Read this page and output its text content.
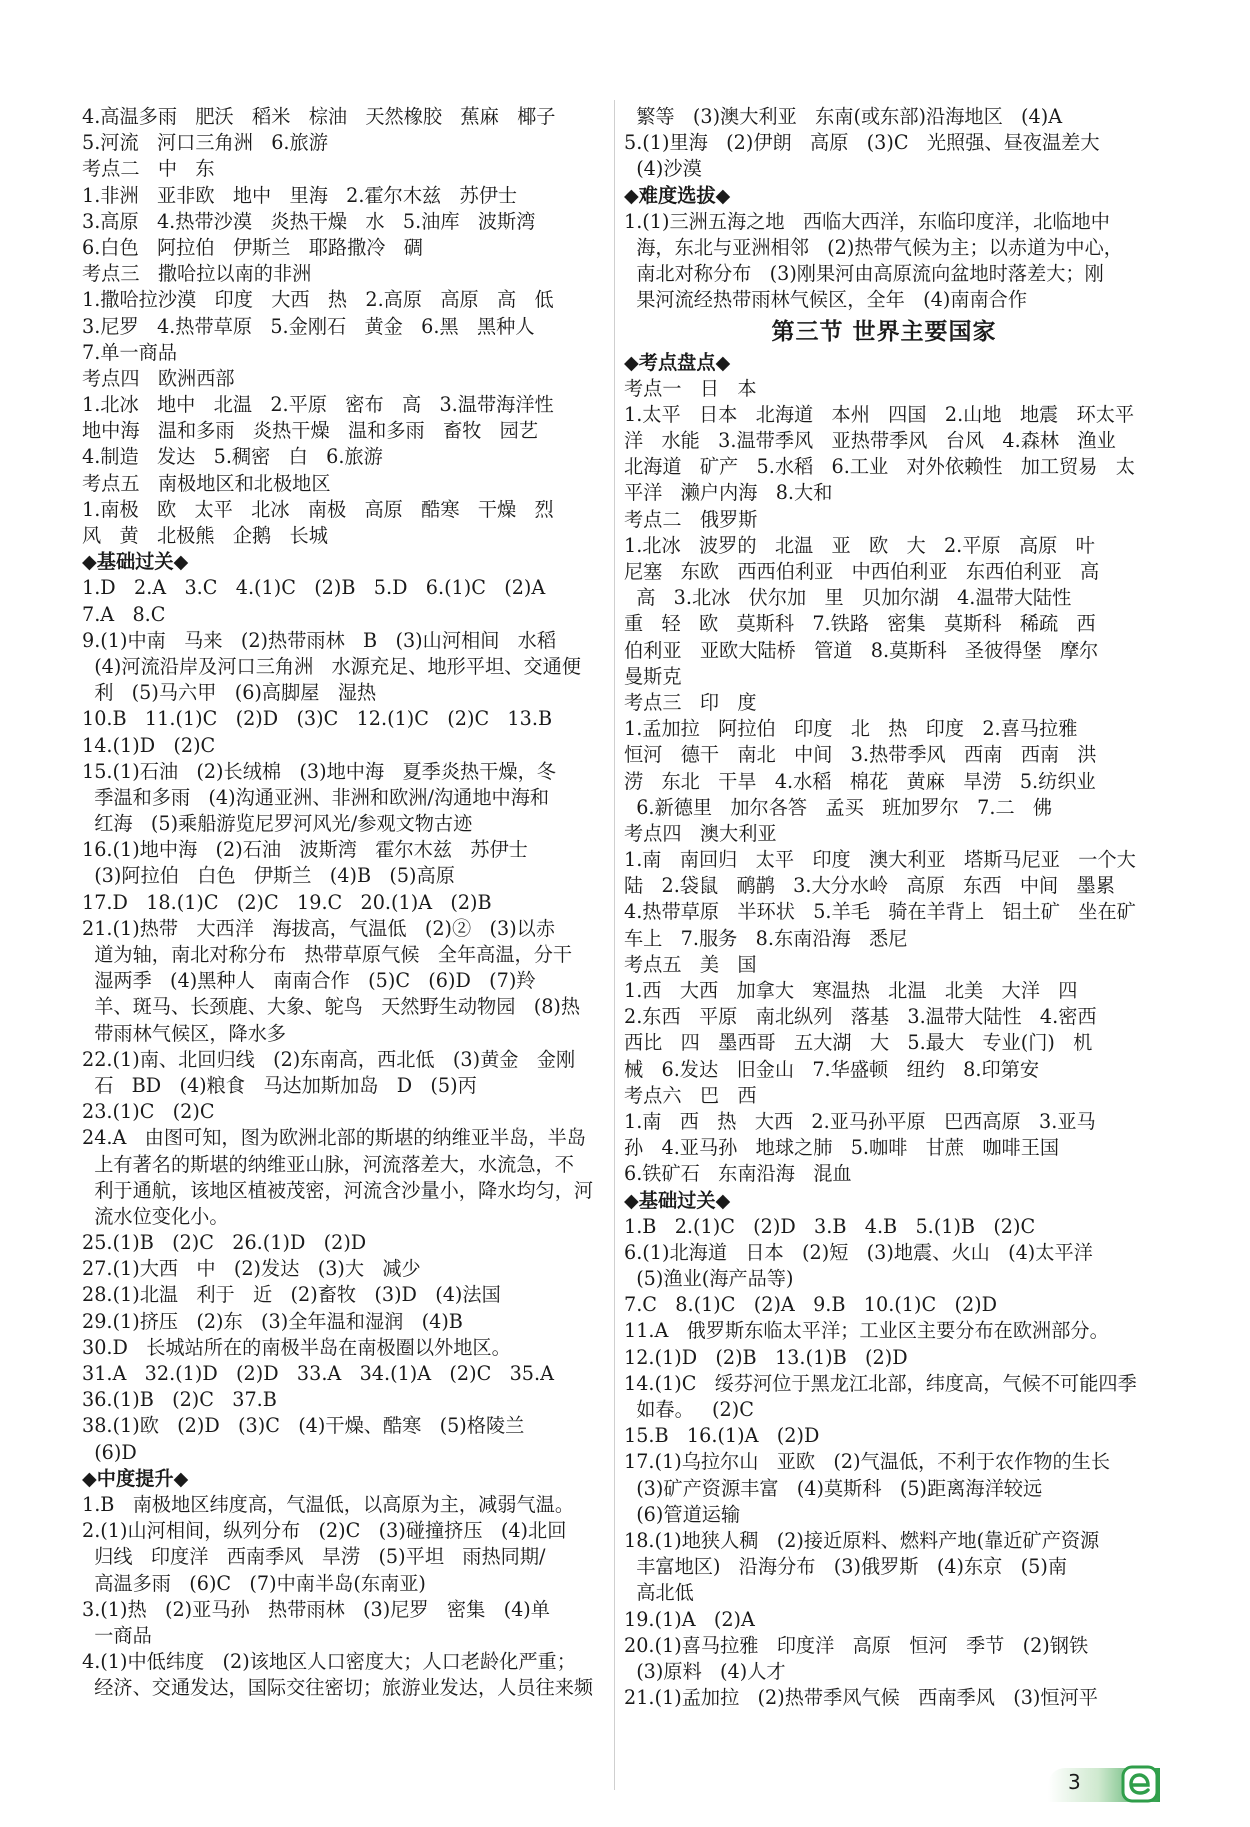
4.高温多雨   肥沃   稻米   棕油   天然橡胶   蕉麻   椰子
5.河流   河口三角洲   6.旅游
考点二   中   东
1.非洲   亚非欧   地中   里海   2.霍尔木兹   苏伊士
3.高原   4.热带沙漠   炎热干燥   水   5.油库   波斯湾
6.白色   阿拉伯   伊斯兰   耶路撒冷   碉
考点三   撒哈拉以南的非洲
1.撒哈拉沙漠   印度   大西   热   2.高原   高原   高   低
3.尼罗   4.热带草原   5.金刚石   黄金   6.黑   黑种人
7.单一商品
考点四   欧洲西部
1.北冰   地中   北温   2.平原   密布   高   3.温带海洋性
地中海   温和多雨   炎热干燥   温和多雨   畜牧   园艺
4.制造   发达   5.稠密   白   6.旅游
考点五   南极地区和北极地区
1.南极   欧   太平   北冰   南极   高原   酷寒   干燥   烈
风   黄   北极熊   企鹅   长城
◆基础过关◆
1.D   2.A   3.C   4.(1)C   (2)B   5.D   6.(1)C   (2)A
7.A   8.C
9.(1)中南   马来   (2)热带雨林   B   (3)山河相间   水稻
(4)河流沿岸及河口三角洲   水源充足、地形平坦、交通便
利   (5)马六甲   (6)高脚屋   湿热
10.B   11.(1)C   (2)D   (3)C   12.(1)C   (2)C   13.B
14.(1)D   (2)C
15.(1)石油   (2)长绒棉   (3)地中海   夏季炎热干燥，冬
季温和多雨   (4)沟通亚洲、非洲和欧洲/沟通地中海和
红海   (5)乘船游览尼罗河风光/参观文物古迹
16.(1)地中海   (2)石油   波斯湾   霍尔木兹   苏伊士
(3)阿拉伯   白色   伊斯兰   (4)B   (5)高原
17.D   18.(1)C   (2)C   19.C   20.(1)A   (2)B
21.(1)热带   大西洋   海拔高，气温低   (2)②   (3)以赤
道为轴，南北对称分布   热带草原气候   全年高温，分干
湿两季   (4)黑种人   南南合作   (5)C   (6)D   (7)羚
羊、斑马、长颈鹿、大象、鸵鸟   天然野生动物园   (8)热
带雨林气候区，降水多
22.(1)南、北回归线   (2)东南高，西北低   (3)黄金   金刚
石   BD   (4)粮食   马达加斯加岛   D   (5)丙
23.(1)C   (2)C
24.A   由图可知，图为欧洲北部的斯堪的纳维亚半岛，半岛
上有著名的斯堪的纳维亚山脉，河流落差大，水流急，不
利于通航，该地区植被茂密，河流含沙量小，降水均匀，河
流水位变化小。
25.(1)B   (2)C   26.(1)D   (2)D
27.(1)大西   中   (2)发达   (3)大   减少
28.(1)北温   利于   近   (2)畜牧   (3)D   (4)法国
29.(1)挤压   (2)东   (3)全年温和湿润   (4)B
30.D   长城站所在的南极半岛在南极圈以外地区。
31.A   32.(1)D   (2)D   33.A   34.(1)A   (2)C   35.A
36.(1)B   (2)C   37.B
38.(1)欧   (2)D   (3)C   (4)干燥、酷寒   (5)格陵兰
(6)D
◆中度提升◆
1.B   南极地区纬度高，气温低，以高原为主，减弱气温。
2.(1)山河相间，纵列分布   (2)C   (3)碰撞挤压   (4)北回
归线   印度洋   西南季风   旱涝   (5)平坦   雨热同期/
高温多雨   (6)C   (7)中南半岛(东南亚)
3.(1)热   (2)亚马孙   热带雨林   (3)尼罗   密集   (4)单
一商品
4.(1)中低纬度   (2)该地区人口密度大；人口老龄化严重；
经济、交通发达，国际交往密切；旅游业发达，人员往来频
繁等   (3)澳大利亚   东南(或东部)沿海地区   (4)A
5.(1)里海   (2)伊朗   高原   (3)C   光照强、昼夜温差大
(4)沙漠
◆难度选拔◆
1.(1)三洲五海之地   西临大西洋，东临印度洋，北临地中
海，东北与亚洲相邻   (2)热带气候为主；以赤道为中心，
南北对称分布   (3)刚果河由高原流向盆地时落差大；刚
果河流经热带雨林气候区，全年   (4)南南合作
第三节 世界主要国家
◆考点盘点◆
考点一   日   本
1.太平   日本   北海道   本州   四国   2.山地   地震   环太平
洋   水能   3.温带季风   亚热带季风   台风   4.森林   渔业
北海道   矿产   5.水稻   6.工业   对外依赖性   加工贸易   太
平洋   濑户内海   8.大和
考点二   俄罗斯
1.北冰   波罗的   北温   亚   欧   大   2.平原   高原   叶
尼塞   东欧   西西伯利亚   中西伯利亚   东西伯利亚   高
高   3.北冰   伏尔加   里   贝加尔湖   4.温带大陆性
重   轻   欧   莫斯科   7.铁路   密集   莫斯科   稀疏   西
伯利亚   亚欧大陆桥   管道   8.莫斯科   圣彼得堡   摩尔
曼斯克
考点三   印   度
1.孟加拉   阿拉伯   印度   北   热   印度   2.喜马拉雅
恒河   德干   南北   中间   3.热带季风   西南   西南   洪
涝   东北   干旱   4.水稻   棉花   黄麻   旱涝   5.纺织业
6.新德里   加尔各答   孟买   班加罗尔   7.二   佛
考点四   澳大利亚
1.南   南回归   太平   印度   澳大利亚   塔斯马尼亚   一个大
陆   2.袋鼠   鸸鹋   3.大分水岭   高原   东西   中间   墨累
4.热带草原   半环状   5.羊毛   骑在羊背上   铝土矿   坐在矿
车上   7.服务   8.东南沿海   悉尼
考点五   美   国
1.西   大西   加拿大   寒温热   北温   北美   大洋   四
2.东西   平原   南北纵列   落基   3.温带大陆性   4.密西
西比   四   墨西哥   五大湖   大   5.最大   专业(门)   机
械   6.发达   旧金山   7.华盛顿   纽约   8.印第安
考点六   巴   西
1.南   西   热   大西   2.亚马孙平原   巴西高原   3.亚马
孙   4.亚马孙   地球之肺   5.咖啡   甘蔗   咖啡王国
6.铁矿石   东南沿海   混血
◆基础过关◆
1.B   2.(1)C   (2)D   3.B   4.B   5.(1)B   (2)C
6.(1)北海道   日本   (2)短   (3)地震、火山   (4)太平洋
(5)渔业(海产品等)
7.C   8.(1)C   (2)A   9.B   10.(1)C   (2)D
11.A   俄罗斯东临太平洋；工业区主要分布在欧洲部分。
12.(1)D   (2)B   13.(1)B   (2)D
14.(1)C   绥芬河位于黑龙江北部，纬度高，气候不可能四季
如春。   (2)C
15.B   16.(1)A   (2)D
17.(1)乌拉尔山   亚欧   (2)气温低，不利于农作物的生长
(3)矿产资源丰富   (4)莫斯科   (5)距离海洋较远
(6)管道运输
18.(1)地狭人稠   (2)接近原料、燃料产地(靠近矿产资源
丰富地区)   沿海分布   (3)俄罗斯   (4)东京   (5)南
高北低
19.(1)A   (2)A
20.(1)喜马拉雅   印度洋   高原   恒河   季节   (2)钢铁
(3)原料   (4)人才
21.(1)孟加拉   (2)热带季风气候   西南季风   (3)恒河平
3
